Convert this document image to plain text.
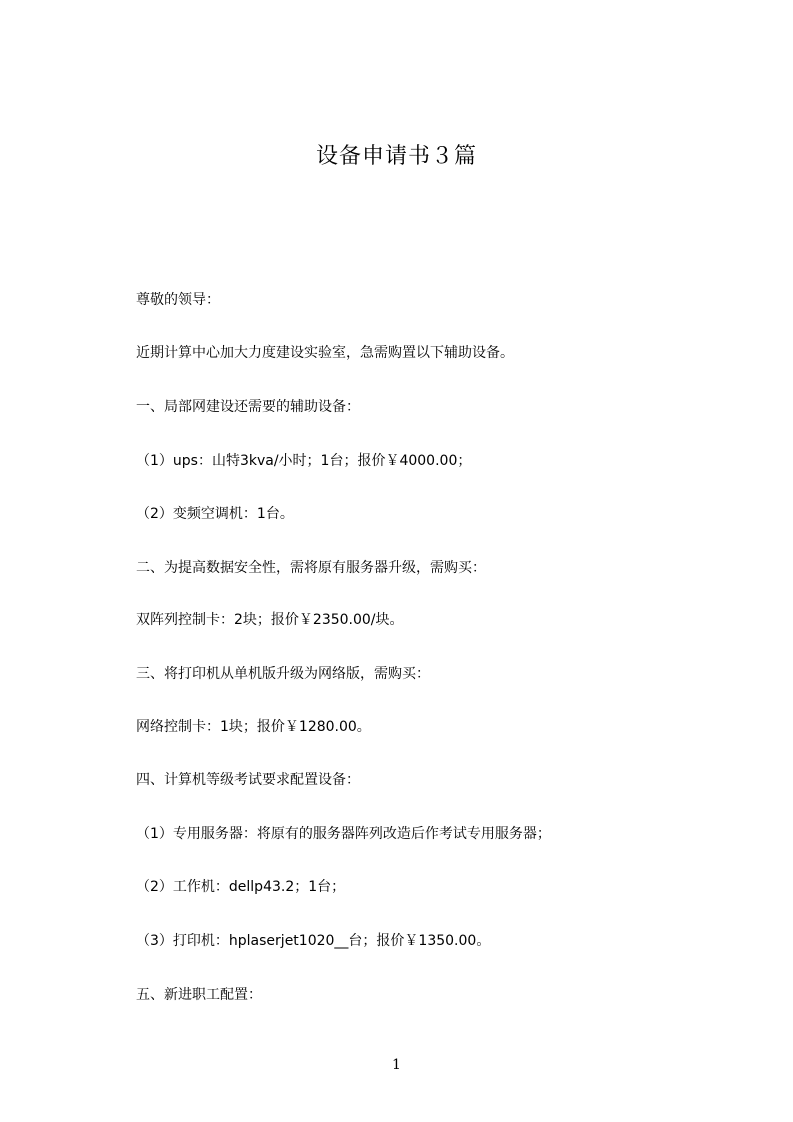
设备申请书３篇
尊敬的领导：
近期计算中心加大力度建设实验室，急需购置以下辅助设备。
一、局部网建设还需要的辅助设备：
（1）ups：山特3kva/小时；1台；报价￥4000.00；
（2）变频空调机：1台。
二、为提高数据安全性，需将原有服务器升级，需购买：
双阵列控制卡：2块；报价￥2350.00/块。
三、将打印机从单机版升级为网络版，需购买：
网络控制卡：1块；报价￥1280.00。
四、计算机等级考试要求配置设备：
（1）专用服务器：将原有的服务器阵列改造后作考试专用服务器；
（2）工作机：dellp43.2；1台；
（3）打印机：hplaserjet1020__台；报价￥1350.00。
五、新进职工配置：
1
